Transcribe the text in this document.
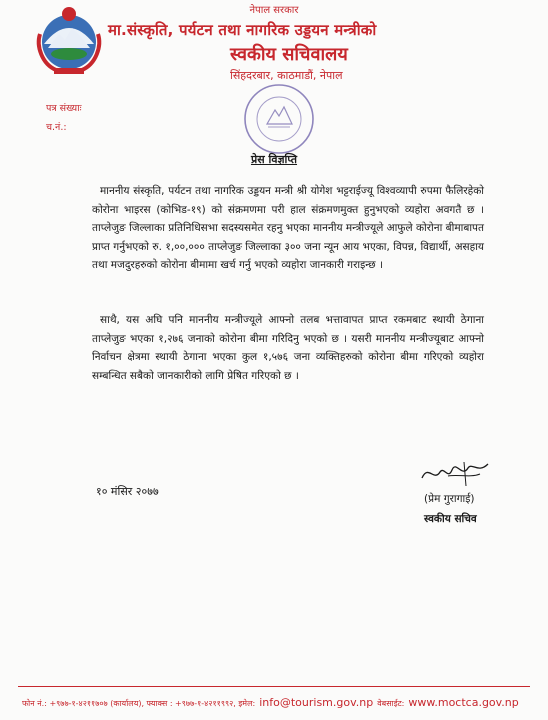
नेपाल सरकार
मा.संस्कृति, पर्यटन तथा नागरिक उड्डयन मन्त्रीको
स्वकीय सचिवालय
सिंहदरबार, काठमाडौं, नेपाल
पत्र संख्याः
च.नं.:
प्रेस विज्ञप्ति
माननीय संस्कृति, पर्यटन तथा नागरिक उड्डयन मन्त्री श्री योगेश भट्टराईज्यू विश्वव्यापी रुपमा फैलिरहेको कोरोना भाइरस (कोभिड-१९) को संक्रमणमा परी हाल संक्रमणमुक्त हुनुभएको व्यहोरा अवगतै छ । ताप्लेजुङ जिल्लाका प्रतिनिधिसभा सदस्यसमेत रहनु भएका माननीय मन्त्रीज्यूले आफुले कोरोना बीमाबापत प्राप्त गर्नुभएको रु. १,००,००० ताप्लेजुङ जिल्लाका ३०० जना न्यून आय भएका, विपन्न, विद्यार्थी, असहाय तथा मजदुरहरुको कोरोना बीमामा खर्च गर्नु भएको व्यहोरा जानकारी गराइन्छ ।
साथै, यस अघि पनि माननीय मन्त्रीज्यूले आफ्नो तलब भत्तावापत प्राप्त रकमबाट स्थायी ठेगाना ताप्लेजुङ भएका १,२७६ जनाको कोरोना बीमा गरिदिनु भएको छ । यसरी माननीय मन्त्रीज्यूबाट आफ्नो निर्वाचन क्षेत्रमा स्थायी ठेगाना भएका कुल १,५७६ जना व्यक्तिहरुको कोरोना बीमा गरिएको व्यहोरा सम्बन्धित सबैको जानकारीको लागि प्रेषित गरिएको छ ।
१० मंसिर २०७७
(प्रेम गुरागाई)
स्वकीय सचिव
फोन नं.: +९७७-१-४२११७०७ (कार्यालय), फ्याक्स : +९७७-१-४२११९९२, इमेल: info@tourism.gov.np वेबसाईट: www.moctca.gov.np
